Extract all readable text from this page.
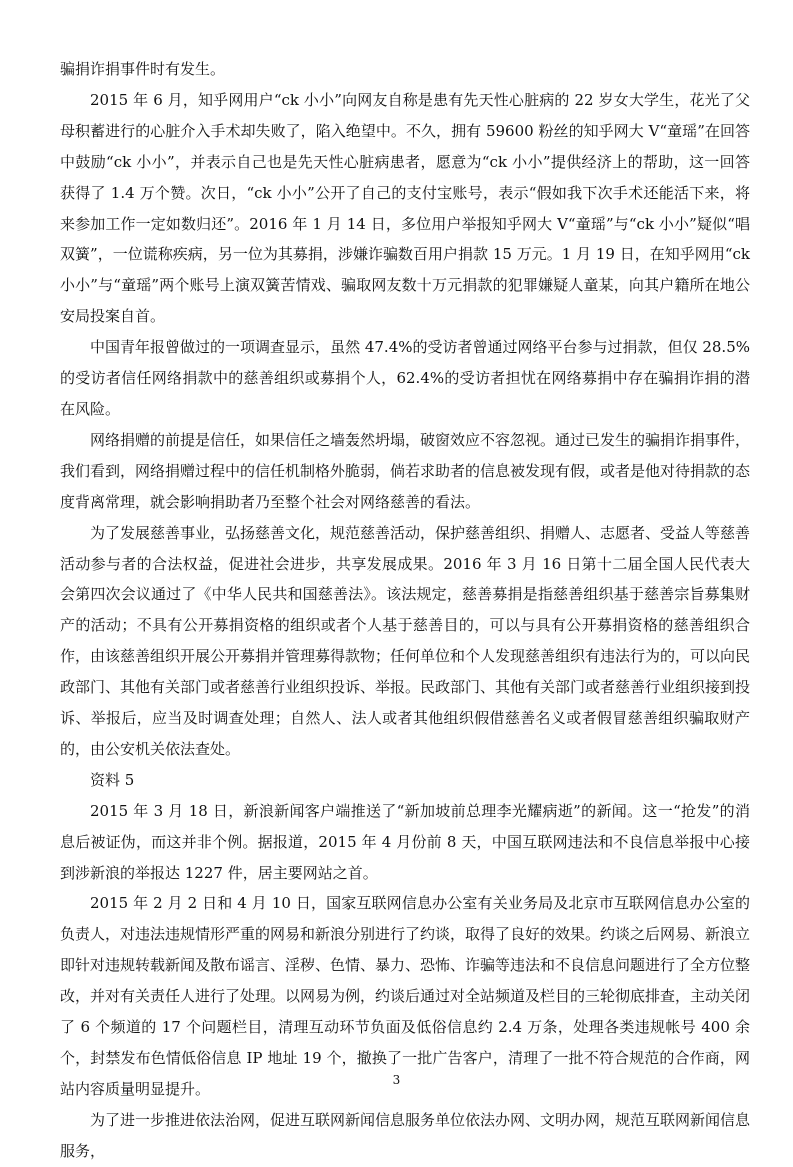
骗捐诈捐事件时有发生。

2015 年 6 月，知乎网用户“ck 小小”向网友自称是患有先天性心脏病的 22 岁女大学生，花光了父母积蓄进行的心脏介入手术却失败了，陷入绝望中。不久，拥有 59600 粉丝的知乎网大 V“童瑶”在回答中鼓励“ck 小小”，并表示自己也是先天性心脏病患者，愿意为“ck 小小”提供经济上的帮助，这一回答获得了 1.4 万个赞。次日，“ck 小小”公开了自己的支付宝账号，表示“假如我下次手术还能活下来，将来参加工作一定如数归还”。2016 年 1 月 14 日，多位用户举报知乎网大 V“童瑶”与“ck 小小”疑似“唱双簧”，一位谎称疾病，另一位为其募捐，涉嫌诈骗数百用户捐款 15 万元。1 月 19 日，在知乎网用“ck 小小”与“童瑶”两个账号上演双簧苦情戏、骗取网友数十万元捐款的犯罪嫌疑人童某，向其户籍所在地公安局投案自首。

中国青年报曾做过的一项调查显示，虽然 47.4%的受访者曾通过网络平台参与过捐款，但仅 28.5%的受访者信任网络捐款中的慈善组织或募捐个人，62.4%的受访者担忧在网络募捐中存在骗捐诈捐的潜在风险。

网络捐赠的前提是信任，如果信任之墙轰然坍塌，破窗效应不容忽视。通过已发生的骗捐诈捐事件，我们看到，网络捐赠过程中的信任机制格外脆弱，倘若求助者的信息被发现有假，或者是他对待捐款的态度背离常理，就会影响捐助者乃至整个社会对网络慈善的看法。

为了发展慈善事业，弘扬慈善文化，规范慈善活动，保护慈善组织、捐赠人、志愿者、受益人等慈善活动参与者的合法权益，促进社会进步，共享发展成果。2016 年 3 月 16 日第十二届全国人民代表大会第四次会议通过了《中华人民共和国慈善法》。该法规定，慈善募捐是指慈善组织基于慈善宗旨募集财产的活动；不具有公开募捐资格的组织或者个人基于慈善目的，可以与具有公开募捐资格的慈善组织合作，由该慈善组织开展公开募捐并管理募得款物；任何单位和个人发现慈善组织有违法行为的，可以向民政部门、其他有关部门或者慈善行业组织投诉、举报。民政部门、其他有关部门或者慈善行业组织接到投诉、举报后，应当及时调查处理；自然人、法人或者其他组织假借慈善名义或者假冒慈善组织骗取财产的，由公安机关依法查处。

资料 5

2015 年 3 月 18 日，新浪新闻客户端推送了“新加坡前总理李光耀病逝”的新闻。这一“抢发”的消息后被证伪，而这并非个例。据报道，2015 年 4 月份前 8 天，中国互联网违法和不良信息举报中心接到涉新浪的举报达 1227 件，居主要网站之首。

2015 年 2 月 2 日和 4 月 10 日，国家互联网信息办公室有关业务局及北京市互联网信息办公室的负责人，对违法违规情形严重的网易和新浪分别进行了约谈，取得了良好的效果。约谈之后网易、新浪立即针对违规转载新闻及散布谣言、淫秽、色情、暴力、恐怖、诈骗等违法和不良信息问题进行了全方位整改，并对有关责任人进行了处理。以网易为例，约谈后通过对全站频道及栏目的三轮彻底排查，主动关闭了 6 个频道的 17 个问题栏目，清理互动环节负面及低俗信息约 2.4 万条，处理各类违规帐号 400 余个，封禁发布色情低俗信息 IP 地址 19 个，撤换了一批广告客户，清理了一批不符合规范的合作商，网站内容质量明显提升。

为了进一步推进依法治网，促进互联网新闻信息服务单位依法办网、文明办网，规范互联网新闻信息服务，

3
